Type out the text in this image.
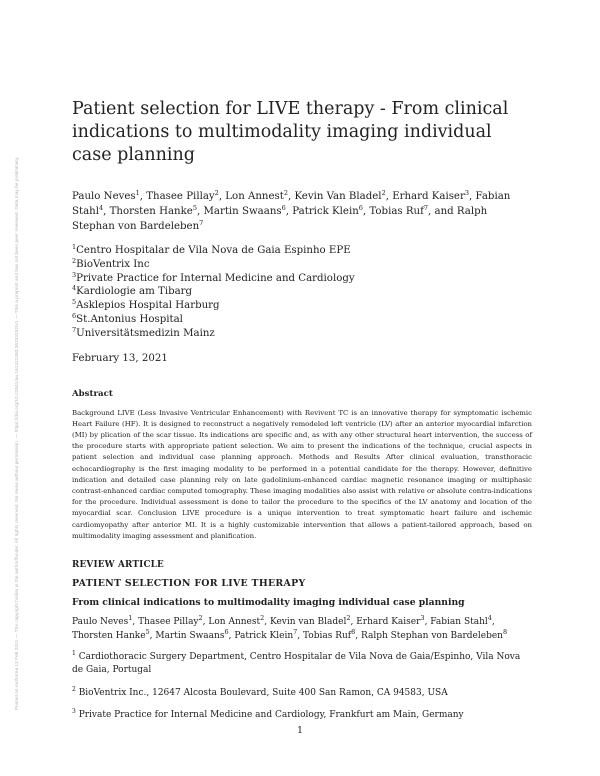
Posted on Authorea 13 Feb 2021 — The copyright holder is the author/funder. All rights reserved. No reuse without permission. — https://doi.org/10.22541/au.161322483.36233252/v1 — This a preprint and has not been peer reviewed. Data may be preliminary.
Patient selection for LIVE therapy - From clinical indications to multimodality imaging individual case planning
Paulo Neves$^1$, Thasee Pillay$^2$, Lon Annest$^2$, Kevin Van Bladel$^2$, Erhard Kaiser$^3$, Fabian Stahl$^4$, Thorsten Hanke$^5$, Martin Swaans$^6$, Patrick Klein$^6$, Tobias Ruf$^7$, and Ralph Stephan von Bardeleben$^7$
$^1$Centro Hospitalar de Vila Nova de Gaia Espinho EPE
$^2$BioVentrix Inc
$^3$Private Practice for Internal Medicine and Cardiology
$^4$Kardiologie am Tibarg
$^5$Asklepios Hospital Harburg
$^6$St.Antonius Hospital
$^7$Universitätsmedizin Mainz
February 13, 2021
Abstract
Background LIVE (Less Invasive Ventricular Enhancement) with Revivent TC is an innovative therapy for symptomatic ischemic Heart Failure (HF). It is designed to reconstruct a negatively remodeled left ventricle (LV) after an anterior myocardial infarction (MI) by plication of the scar tissue. Its indications are specific and, as with any other structural heart intervention, the success of the procedure starts with appropriate patient selection. We aim to present the indications of the technique, crucial aspects in patient selection and individual case planning approach. Methods and Results After clinical evaluation, transthoracic echocardiography is the first imaging modality to be performed in a potential candidate for the therapy. However, definitive indication and detailed case planning rely on late gadolinium-enhanced cardiac magnetic resonance imaging or multiphasic contrast-enhanced cardiac computed tomography. These imaging modalities also assist with relative or absolute contra-indications for the procedure. Individual assessment is done to tailor the procedure to the specifics of the LV anatomy and location of the myocardial scar. Conclusion LIVE procedure is a unique intervention to treat symptomatic heart failure and ischemic cardiomyopathy after anterior MI. It is a highly customizable intervention that allows a patient-tailored approach, based on multimodality imaging assessment and planification.
REVIEW ARTICLE
PATIENT SELECTION FOR LIVE THERAPY
From clinical indications to multimodality imaging individual case planning
Paulo Neves$^1$, Thasee Pillay$^2$, Lon Annest$^2$, Kevin van Bladel$^2$, Erhard Kaiser$^3$, Fabian Stahl$^4$, Thorsten Hanke$^5$, Martin Swaans$^6$, Patrick Klein$^7$, Tobias Ruf$^8$, Ralph Stephan von Bardeleben$^8$
$^1$ Cardiothoracic Surgery Department, Centro Hospitalar de Vila Nova de Gaia/Espinho, Vila Nova de Gaia, Portugal
$^2$ BioVentrix Inc., 12647 Alcosta Boulevard, Suite 400 San Ramon, CA 94583, USA
$^3$ Private Practice for Internal Medicine and Cardiology, Frankfurt am Main, Germany
1
